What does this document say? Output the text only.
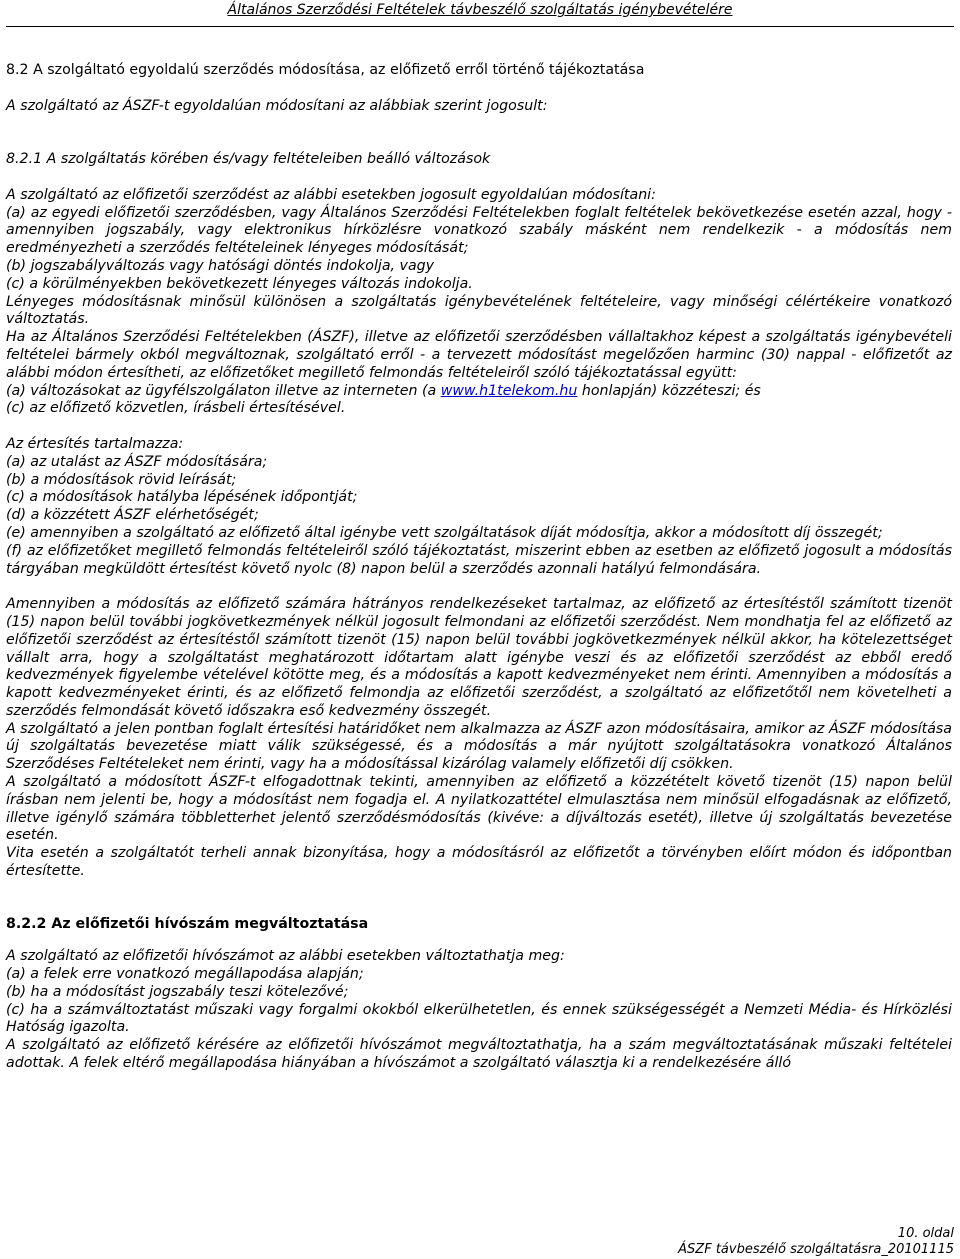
Általános Szerződési Feltételek távbeszélő szolgáltatás igénybevételére

8.2 A szolgáltató egyoldalú szerződés módosítása, az előfizető erről történő tájékoztatása

A szolgáltató az ÁSZF-t egyoldalúan módosítani az alábbiak szerint jogosult:

8.2.1 A szolgáltatás körében és/vagy feltételeiben beálló változások

A szolgáltató az előfizetői szerződést az alábbi esetekben jogosult egyoldalúan módosítani:

(a) az egyedi előfizetői szerződésben, vagy Általános Szerződési Feltételekben foglalt feltételek bekövetkezése esetén azzal, hogy - amennyiben jogszabály, vagy elektronikus hírközlésre vonatkozó szabály másként nem rendelkezik - a módosítás nem eredményezheti a szerződés feltételeinek lényeges módosítását;

(b) jogszabályváltozás vagy hatósági döntés indokolja, vagy

(c) a körülményekben bekövetkezett lényeges változás indokolja.

Lényeges módosításnak minősül különösen a szolgáltatás igénybevételének feltételeire, vagy minőségi célértékeire vonatkozó változtatás.

Ha az Általános Szerződési Feltételekben (ÁSZF), illetve az előfizetői szerződésben vállaltakhoz képest a szolgáltatás igénybevételi feltételei bármely okból megváltoznak, szolgáltató erről - a tervezett módosítást megelőzően harminc (30) nappal - előfizetőt az alábbi módon értesítheti, az előfizetőket megillető felmondás feltételeiről szóló tájékoztatással együtt:

(a) változásokat az ügyfélszolgálaton illetve az interneten (a www.h1telekom.hu honlapján) közzéteszi; és

(c) az előfizető közvetlen, írásbeli értesítésével.

Az értesítés tartalmazza:

(a) az utalást az ÁSZF módosítására;

(b) a módosítások rövid leírását;

(c) a módosítások hatályba lépésének időpontját;

(d) a közzétett ÁSZF elérhetőségét;

(e) amennyiben a szolgáltató az előfizető által igénybe vett szolgáltatások díját módosítja, akkor a módosított díj összegét;

(f) az előfizetőket megillető felmondás feltételeiről szóló tájékoztatást, miszerint ebben az esetben az előfizető jogosult a módosítás tárgyában megküldött értesítést követő nyolc (8) napon belül a szerződés azonnali hatályú felmondására.

Amennyiben a módosítás az előfizető számára hátrányos rendelkezéseket tartalmaz, az előfizető az értesítéstől számított tizenöt (15) napon belül további jogkövetkezmények nélkül jogosult felmondani az előfizetői szerződést. Nem mondhatja fel az előfizető az előfizetői szerződést az értesítéstől számított tizenöt (15) napon belül további jogkövetkezmények nélkül akkor, ha kötelezettséget vállalt arra, hogy a szolgáltatást meghatározott időtartam alatt igénybe veszi és az előfizetői szerződést az ebből eredő kedvezmények figyelembe vételével kötötte meg, és a módosítás a kapott kedvezményeket nem érinti. Amennyiben a módosítás a kapott kedvezményeket érinti, és az előfizető felmondja az előfizetői szerződést, a szolgáltató az előfizetőtől nem követelheti a szerződés felmondását követő időszakra eső kedvezmény összegét.

A szolgáltató a jelen pontban foglalt értesítési határidőket nem alkalmazza az ÁSZF azon módosításaira, amikor az ÁSZF módosítása új szolgáltatás bevezetése miatt válik szükségessé, és a módosítás a már nyújtott szolgáltatásokra vonatkozó Általános Szerződéses Feltételeket nem érinti, vagy ha a módosítással kizárólag valamely előfizetői díj csökken.

A szolgáltató a módosított ÁSZF-t elfogadottnak tekinti, amennyiben az előfizető a közzétételt követő tizenöt (15) napon belül írásban nem jelenti be, hogy a módosítást nem fogadja el. A nyilatkozattétel elmulasztása nem minősül elfogadásnak az előfizető, illetve igénylő számára többletterhet jelentő szerződésmódosítás (kivéve: a díjváltozás esetét), illetve új szolgáltatás bevezetése esetén.

Vita esetén a szolgáltatót terheli annak bizonyítása, hogy a módosításról az előfizetőt a törvényben előírt módon és időpontban értesítette.

8.2.2 Az előfizetői hívószám megváltoztatása

A szolgáltató az előfizetői hívószámot az alábbi esetekben változtathatja meg:

(a) a felek erre vonatkozó megállapodása alapján;

(b) ha a módosítást jogszabály teszi kötelezővé;

(c) ha a számváltoztatást műszaki vagy forgalmi okokból elkerülhetetlen, és ennek szükségességét a Nemzeti Média- és Hírközlési Hatóság igazolta.

A szolgáltató az előfizető kérésére az előfizetői hívószámot megváltoztathatja, ha a szám megváltoztatásának műszaki feltételei adottak. A felek eltérő megállapodása hiányában a hívószámot a szolgáltató választja ki a rendelkezésére álló

10. oldal
ÁSZF távbeszélő szolgáltatásra_20101115
